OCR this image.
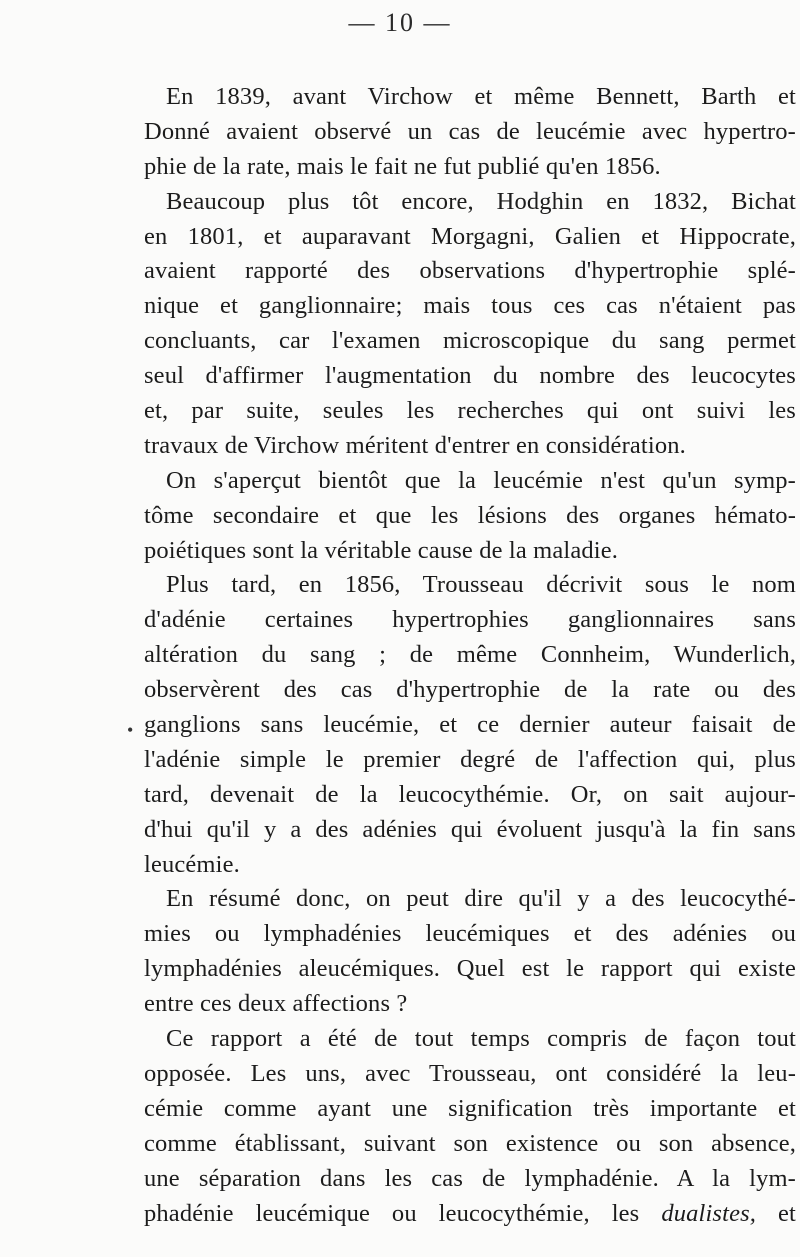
— 10 —
En 1839, avant Virchow et même Bennett, Barth et
Donné avaient observé un cas de leucémie avec hypertro-
phie de la rate, mais le fait ne fut publié qu'en 1856.
Beaucoup plus tôt encore, Hodghin en 1832, Bichat
en 1801, et auparavant Morgagni, Galien et Hippocrate,
avaient rapporté des observations d'hypertrophie splé-
nique et ganglionnaire; mais tous ces cas n'étaient pas
concluants, car l'examen microscopique du sang permet
seul d'affirmer l'augmentation du nombre des leucocytes
et, par suite, seules les recherches qui ont suivi les
travaux de Virchow méritent d'entrer en considération.
On s'aperçut bientôt que la leucémie n'est qu'un symp-
tôme secondaire et que les lésions des organes hémato-
poiétiques sont la véritable cause de la maladie.
Plus tard, en 1856, Trousseau décrivit sous le nom
d'adénie certaines hypertrophies ganglionnaires sans
altération du sang ; de même Connheim, Wunderlich,
observèrent des cas d'hypertrophie de la rate ou des
ganglions sans leucémie, et ce dernier auteur faisait de
l'adénie simple le premier degré de l'affection qui, plus
tard, devenait de la leucocythémie. Or, on sait aujour-
d'hui qu'il y a des adénies qui évoluent jusqu'à la fin sans
leucémie.
En résumé donc, on peut dire qu'il y a des leucocythé-
mies ou lymphadénies leucémiques et des adénies ou
lymphadénies aleucémiques. Quel est le rapport qui existe
entre ces deux affections ?
Ce rapport a été de tout temps compris de façon tout
opposée. Les uns, avec Trousseau, ont considéré la leu-
cémie comme ayant une signification très importante et
comme établissant, suivant son existence ou son absence,
une séparation dans les cas de lymphadénie. A la lym-
phadénie leucémique ou leucocythémie, les dualistes, et
•
